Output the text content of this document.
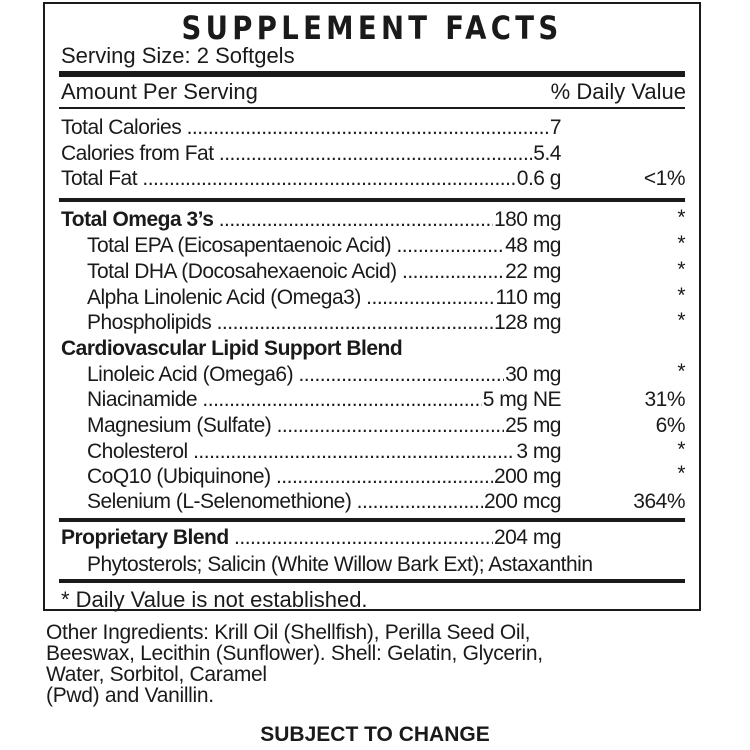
SUPPLEMENT FACTS
Serving Size: 2 Softgels
Amount Per Serving	% Daily Value
Total Calories .....	7
Calories from Fat .....	5.4
Total Fat .....	0.6 g	<1%
Total Omega 3’s .....	180 mg	*
Total EPA (Eicosapentaenoic Acid) .....	48 mg	*
Total DHA (Docosahexaenoic Acid) .....	22 mg	*
Alpha Linolenic Acid (Omega3) .....	110 mg	*
Phospholipids .....	128 mg	*
Cardiovascular Lipid Support Blend
Linoleic Acid (Omega6) .....	30 mg	*
Niacinamide .....	5 mg NE	31%
Magnesium (Sulfate) .....	25 mg	6%
Cholesterol .....	3 mg	*
CoQ10 (Ubiquinone) .....	200 mg	*
Selenium (L-Selenomethione) .....	200 mcg	364%
Proprietary Blend .....	204 mg
Phytosterols; Salicin (White Willow Bark Ext); Astaxanthin
* Daily Value is not established.
Other Ingredients: Krill Oil (Shellfish), Perilla Seed Oil,
Beeswax, Lecithin (Sunflower). Shell: Gelatin, Glycerin,
Water, Sorbitol, Caramel
(Pwd) and Vanillin.
SUBJECT TO CHANGE
